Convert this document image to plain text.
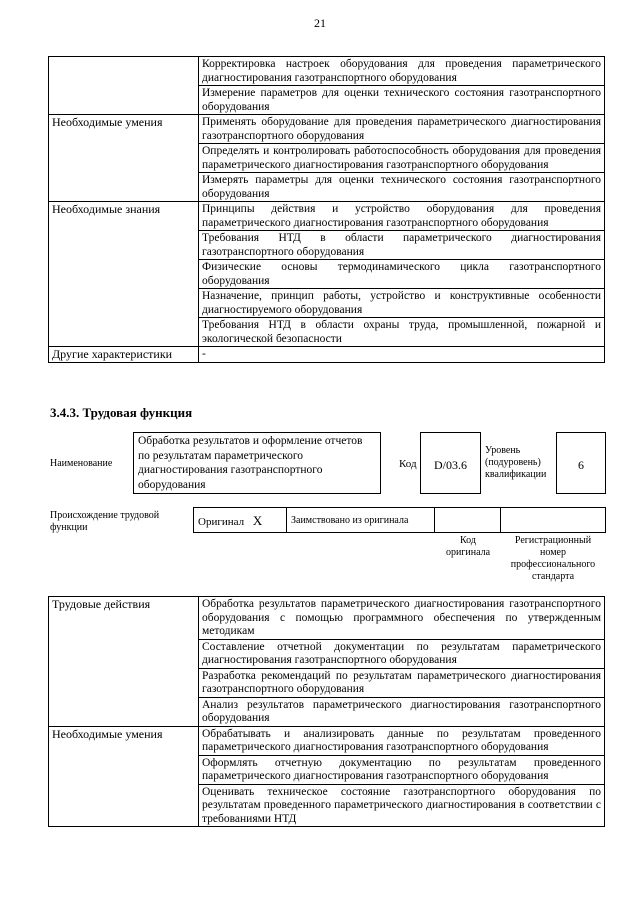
21

	Корректировка настроек оборудования для проведения параметрического диагностирования газотранспортного оборудования
Измерение параметров для оценки технического состояния газотранспортного оборудования

Необходимые умения	Применять оборудование для проведения параметрического диагностирования газотранспортного оборудования
Определять и контролировать работоспособность оборудования для проведения параметрического диагностирования газотранспортного оборудования
Измерять параметры для оценки технического состояния газотранспортного оборудования

Необходимые знания	Принципы действия и устройство оборудования для проведения параметрического диагностирования газотранспортного оборудования
Требования НТД в области параметрического диагностирования газотранспортного оборудования
Физические основы термодинамического цикла газотранспортного оборудования
Назначение, принцип работы, устройство и конструктивные особенности диагностируемого оборудования
Требования НТД в области охраны труда, промышленной, пожарной и экологической безопасности

Другие характеристики	-
3.4.3. Трудовая функция
Наименование
Обработка результатов и оформление отчетов по результатам параметрического диагностирования газотранспортного оборудования
Код	D/03.6
Уровень (подуровень) квалификации
6
Происхождение трудовой функции	Оригинал X	Заимствовано из оригинала
Код оригинала
Регистрационный номер профессионального стандарта
Трудовые действия	Обработка результатов параметрического диагностирования газотранспортного оборудования с помощью программного обеспечения по утвержденным методикам
Составление отчетной документации по результатам параметрического диагностирования газотранспортного оборудования
Разработка рекомендаций по результатам параметрического диагностирования газотранспортного оборудования
Анализ результатов параметрического диагностирования газотранспортного оборудования

Необходимые умения	Обрабатывать и анализировать данные по результатам проведенного параметрического диагностирования газотранспортного оборудования
Оформлять отчетную документацию по результатам проведенного параметрического диагностирования газотранспортного оборудования
Оценивать техническое состояние газотранспортного оборудования по результатам проведенного параметрического диагностирования в соответствии с требованиями НТД
